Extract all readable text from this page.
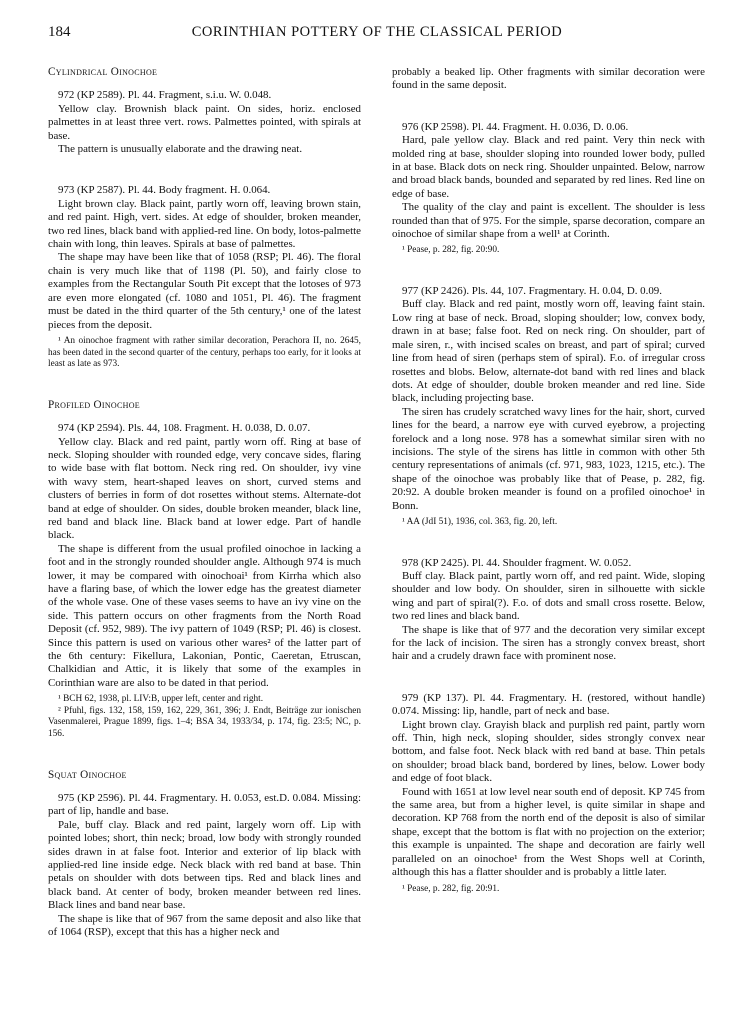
184	CORINTHIAN POTTERY OF THE CLASSICAL PERIOD
Cylindrical Oinochoe

972 (KP 2589). Pl. 44. Fragment, s.i.u. W. 0.048.

Yellow clay. Brownish black paint. On sides, horiz. enclosed palmettes in at least three vert. rows. Palmettes pointed, with spirals at base.

The pattern is unusually elaborate and the drawing neat.

973 (KP 2587). Pl. 44. Body fragment. H. 0.064.

Light brown clay. Black paint, partly worn off, leaving brown stain, and red paint. High, vert. sides. At edge of shoulder, broken meander, two red lines, black band with applied-red line. On body, lotos-palmette chain with long, thin leaves. Spirals at base of palmettes.

The shape may have been like that of 1058 (RSP; Pl. 46). The floral chain is very much like that of 1198 (Pl. 50), and fairly close to examples from the Rectangular South Pit except that the lotoses of 973 are even more elongated (cf. 1080 and 1051, Pl. 46). The fragment must be dated in the third quarter of the 5th century,¹ one of the latest pieces from the deposit.

¹ An oinochoe fragment with rather similar decoration, Perachora II, no. 2645, has been dated in the second quarter of the century, perhaps too early, for it looks at least as late as 973.

Profiled Oinochoe

974 (KP 2594). Pls. 44, 108. Fragment. H. 0.038, D. 0.07.

Yellow clay. Black and red paint, partly worn off. Ring at base of neck. Sloping shoulder with rounded edge, very concave sides, flaring to wide base with flat bottom. Neck ring red. On shoulder, ivy vine with wavy stem, heart-shaped leaves on short, curved stems and clusters of berries in form of dot rosettes without stems. Alternate-dot band at edge of shoulder. On sides, double broken meander, black line, red band and black line. Black band at lower edge. Part of handle black.

The shape is different from the usual profiled oinochoe in lacking a foot and in the strongly rounded shoulder angle. Although 974 is much lower, it may be compared with oinochoai¹ from Kirrha which also have a flaring base, of which the lower edge has the greatest diameter of the whole vase. One of these vases seems to have an ivy vine on the side. This pattern occurs on other fragments from the North Road Deposit (cf. 952, 989). The ivy pattern of 1049 (RSP; Pl. 46) is closest. Since this pattern is used on various other wares² of the latter part of the 6th century: Fikellura, Lakonian, Pontic, Caeretan, Etruscan, Chalkidian and Attic, it is likely that some of the examples in Corinthian ware are also to be dated in that period.

¹ BCH 62, 1938, pl. LIV:B, upper left, center and right.

² Pfuhl, figs. 132, 158, 159, 162, 229, 361, 396; J. Endt, Beiträge zur ionischen Vasenmalerei, Prague 1899, figs. 1–4; BSA 34, 1933/34, p. 174, fig. 23:5; NC, p. 156.

Squat Oinochoe

975 (KP 2596). Pl. 44. Fragmentary. H. 0.053, est.D. 0.084. Missing: part of lip, handle and base.

Pale, buff clay. Black and red paint, largely worn off. Lip with pointed lobes; short, thin neck; broad, low body with strongly rounded sides drawn in at false foot. Interior and exterior of lip black with applied-red line inside edge. Neck black with red band at base. Thin petals on shoulder with dots between tips. Red and black lines and black band. At center of body, broken meander between red lines. Black lines and band near base.

The shape is like that of 967 from the same deposit and also like that of 1064 (RSP), except that this has a higher neck and

probably a beaked lip. Other fragments with similar decoration were found in the same deposit.

976 (KP 2598). Pl. 44. Fragment. H. 0.036, D. 0.06.

Hard, pale yellow clay. Black and red paint. Very thin neck with molded ring at base, shoulder sloping into rounded lower body, pulled in at base. Black dots on neck ring. Shoulder unpainted. Below, narrow and broad black bands, bounded and separated by red lines. Red line on edge of base.

The quality of the clay and paint is excellent. The shoulder is less rounded than that of 975. For the simple, sparse decoration, compare an oinochoe of similar shape from a well¹ at Corinth.

¹ Pease, p. 282, fig. 20:90.

977 (KP 2426). Pls. 44, 107. Fragmentary. H. 0.04, D. 0.09.

Buff clay. Black and red paint, mostly worn off, leaving faint stain. Low ring at base of neck. Broad, sloping shoulder; low, convex body, drawn in at base; false foot. Red on neck ring. On shoulder, part of male siren, r., with incised scales on breast, and part of spiral; curved line from head of siren (perhaps stem of spiral). F.o. of irregular cross rosettes and blobs. Below, alternate-dot band with red lines and black dots. At edge of shoulder, double broken meander and red line. Side black, including projecting base.

The siren has crudely scratched wavy lines for the hair, short, curved lines for the beard, a narrow eye with curved eyebrow, a projecting forelock and a long nose. 978 has a somewhat similar siren with no incisions. The style of the sirens has little in common with other 5th century representations of animals (cf. 971, 983, 1023, 1215, etc.). The shape of the oinochoe was probably like that of Pease, p. 282, fig. 20:92. A double broken meander is found on a profiled oinochoe¹ in Bonn.

¹ AA (JdI 51), 1936, col. 363, fig. 20, left.

978 (KP 2425). Pl. 44. Shoulder fragment. W. 0.052.

Buff clay. Black paint, partly worn off, and red paint. Wide, sloping shoulder and low body. On shoulder, siren in silhouette with sickle wing and part of spiral(?). F.o. of dots and small cross rosette. Below, two red lines and black band.

The shape is like that of 977 and the decoration very similar except for the lack of incision. The siren has a strongly convex breast, short hair and a crudely drawn face with prominent nose.

979 (KP 137). Pl. 44. Fragmentary. H. (restored, without handle) 0.074. Missing: lip, handle, part of neck and base.

Light brown clay. Grayish black and purplish red paint, partly worn off. Thin, high neck, sloping shoulder, sides strongly convex near bottom, and false foot. Neck black with red band at base. Thin petals on shoulder; broad black band, bordered by lines, below. Lower body and edge of foot black.

Found with 1651 at low level near south end of deposit. KP 745 from the same area, but from a higher level, is quite similar in shape and decoration. KP 768 from the north end of the deposit is also of similar shape, except that the bottom is flat with no projection on the exterior; this example is unpainted. The shape and decoration are fairly well paralleled on an oinochoe¹ from the West Shops well at Corinth, although this has a flatter shoulder and is probably a little later.

¹ Pease, p. 282, fig. 20:91.
